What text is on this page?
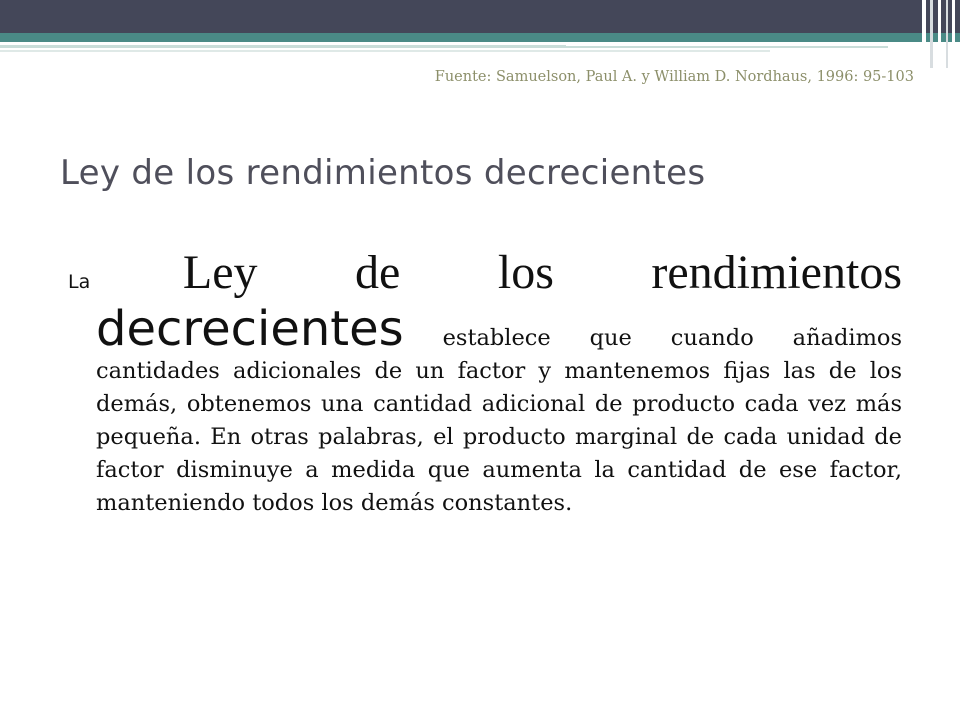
Fuente: Samuelson, Paul A. y William D. Nordhaus, 1996: 95-103
Ley de los rendimientos decrecientes
La Ley de los rendimientos
decrecientes establece que cuando añadimos cantidades adicionales de un factor y mantenemos fijas las de los demás, obtenemos una cantidad adicional de producto cada vez más pequeña. En otras palabras, el producto marginal de cada unidad de factor disminuye a medida que aumenta la cantidad de ese factor, manteniendo todos los demás constantes.
